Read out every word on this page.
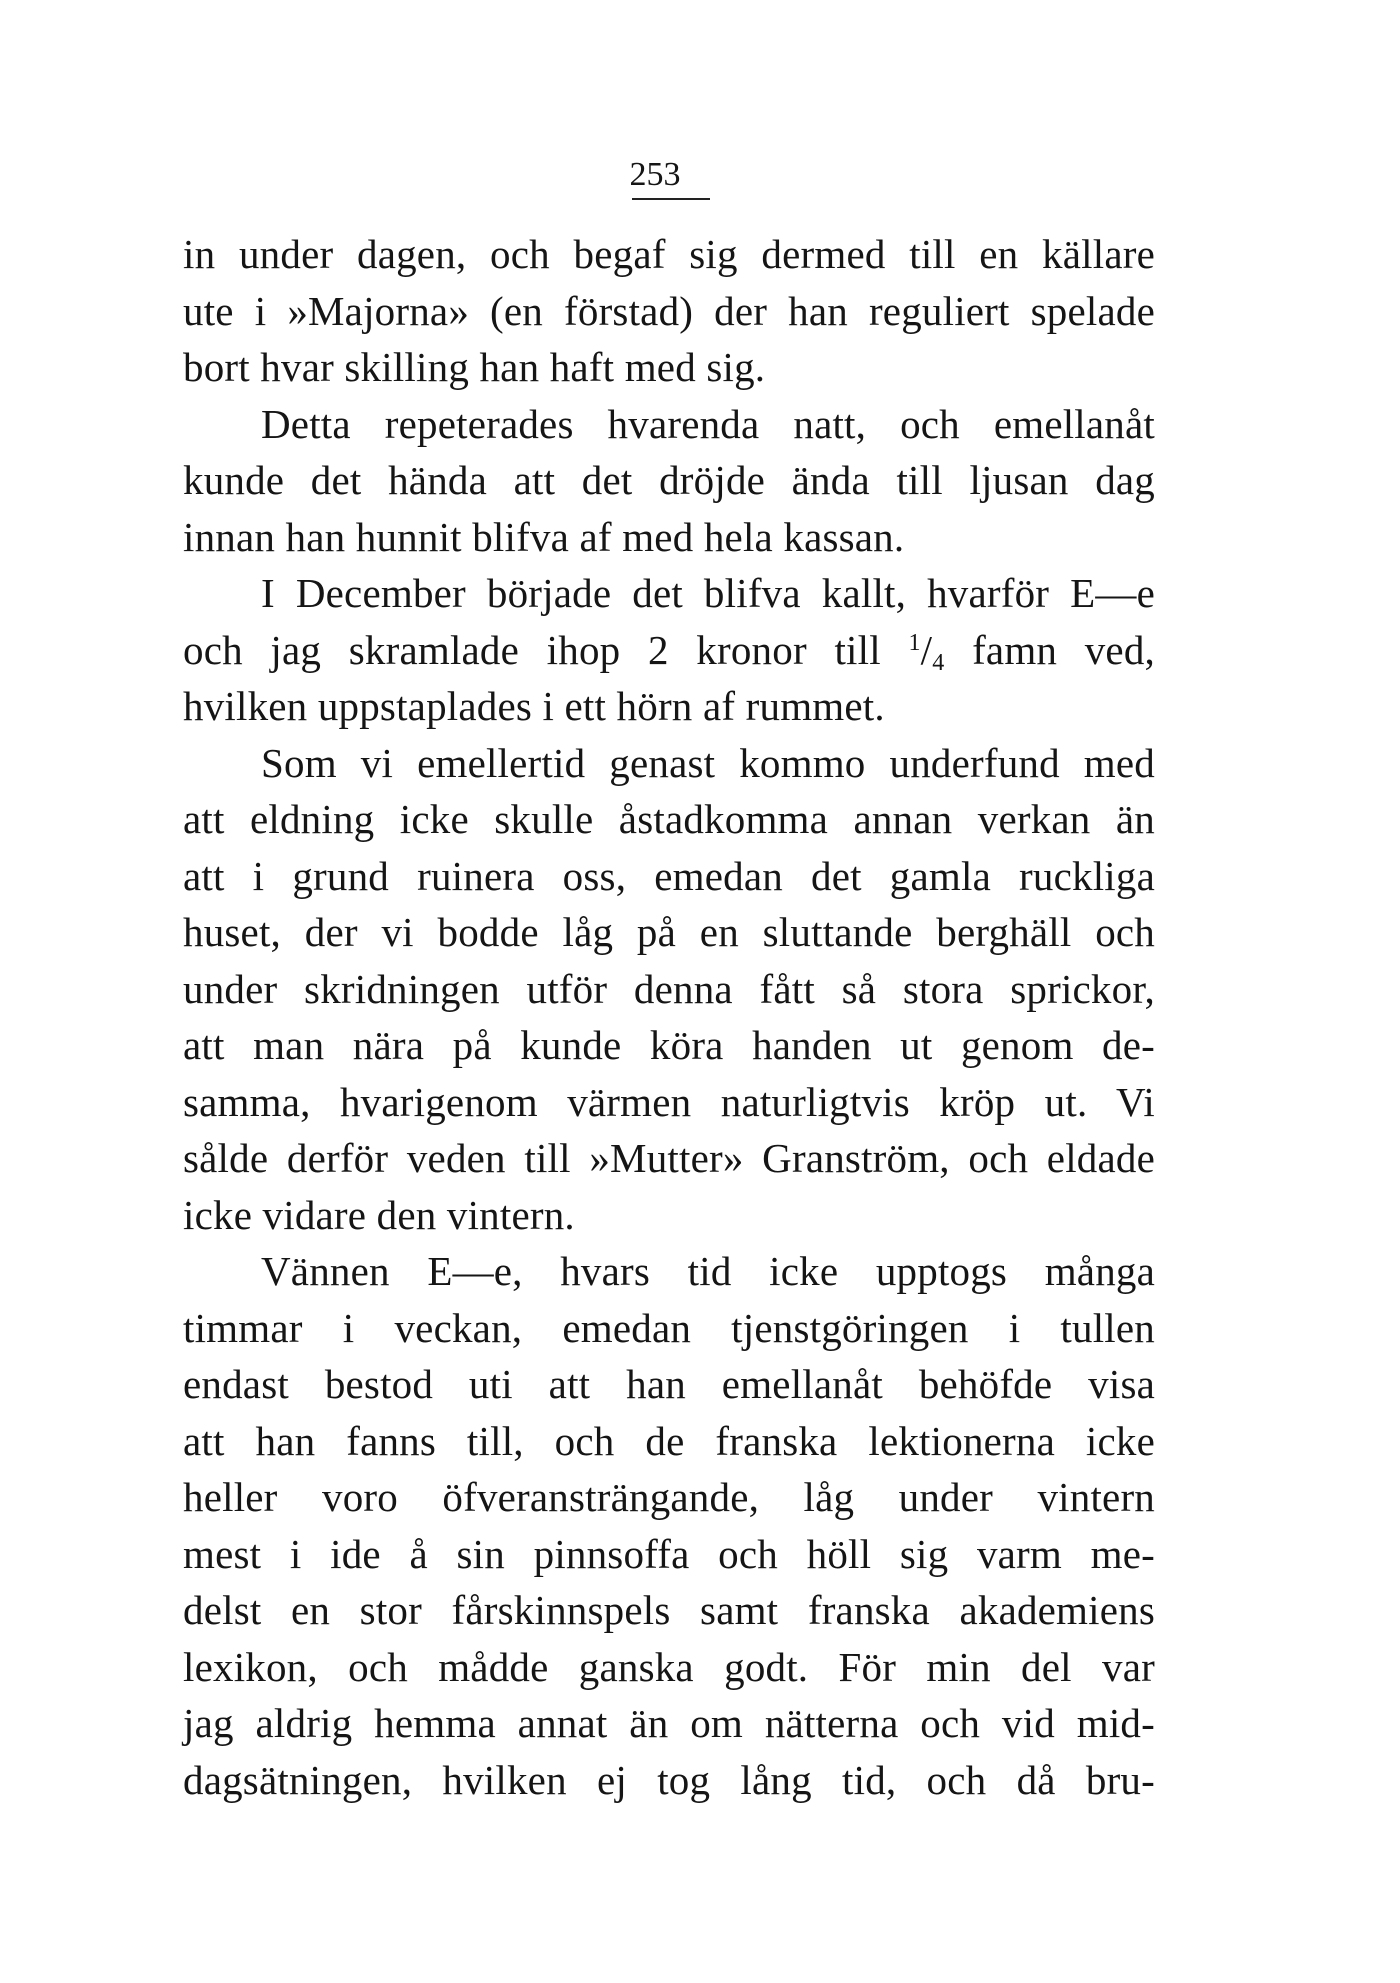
253
in under dagen, och begaf sig dermed till en källare
ute i »Majorna» (en förstad) der han reguliert spelade
bort hvar skilling han haft med sig.
Detta repeterades hvarenda natt, och emellanåt
kunde det hända att det dröjde ända till ljusan dag
innan han hunnit blifva af med hela kassan.
I December började det blifva kallt, hvarför E—e
och jag skramlade ihop 2 kronor till $^1/_4$ famn ved,
hvilken uppstaplades i ett hörn af rummet.
Som vi emellertid genast kommo underfund med
att eldning icke skulle åstadkomma annan verkan än
att i grund ruinera oss, emedan det gamla ruckliga
huset, der vi bodde låg på en sluttande berghäll och
under skridningen utför denna fått så stora sprickor,
att man nära på kunde köra handen ut genom de-
samma, hvarigenom värmen naturligtvis kröp ut. Vi
sålde derför veden till »Mutter» Granström, och eldade
icke vidare den vintern.
Vännen E—e, hvars tid icke upptogs många
timmar i veckan, emedan tjenstgöringen i tullen
endast bestod uti att han emellanåt behöfde visa
att han fanns till, och de franska lektionerna icke
heller voro öfveransträngande, låg under vintern
mest i ide å sin pinnsoffa och höll sig varm me-
delst en stor fårskinnspels samt franska akademiens
lexikon, och mådde ganska godt. För min del var
jag aldrig hemma annat än om nätterna och vid mid-
dagsätningen, hvilken ej tog lång tid, och då bru-
